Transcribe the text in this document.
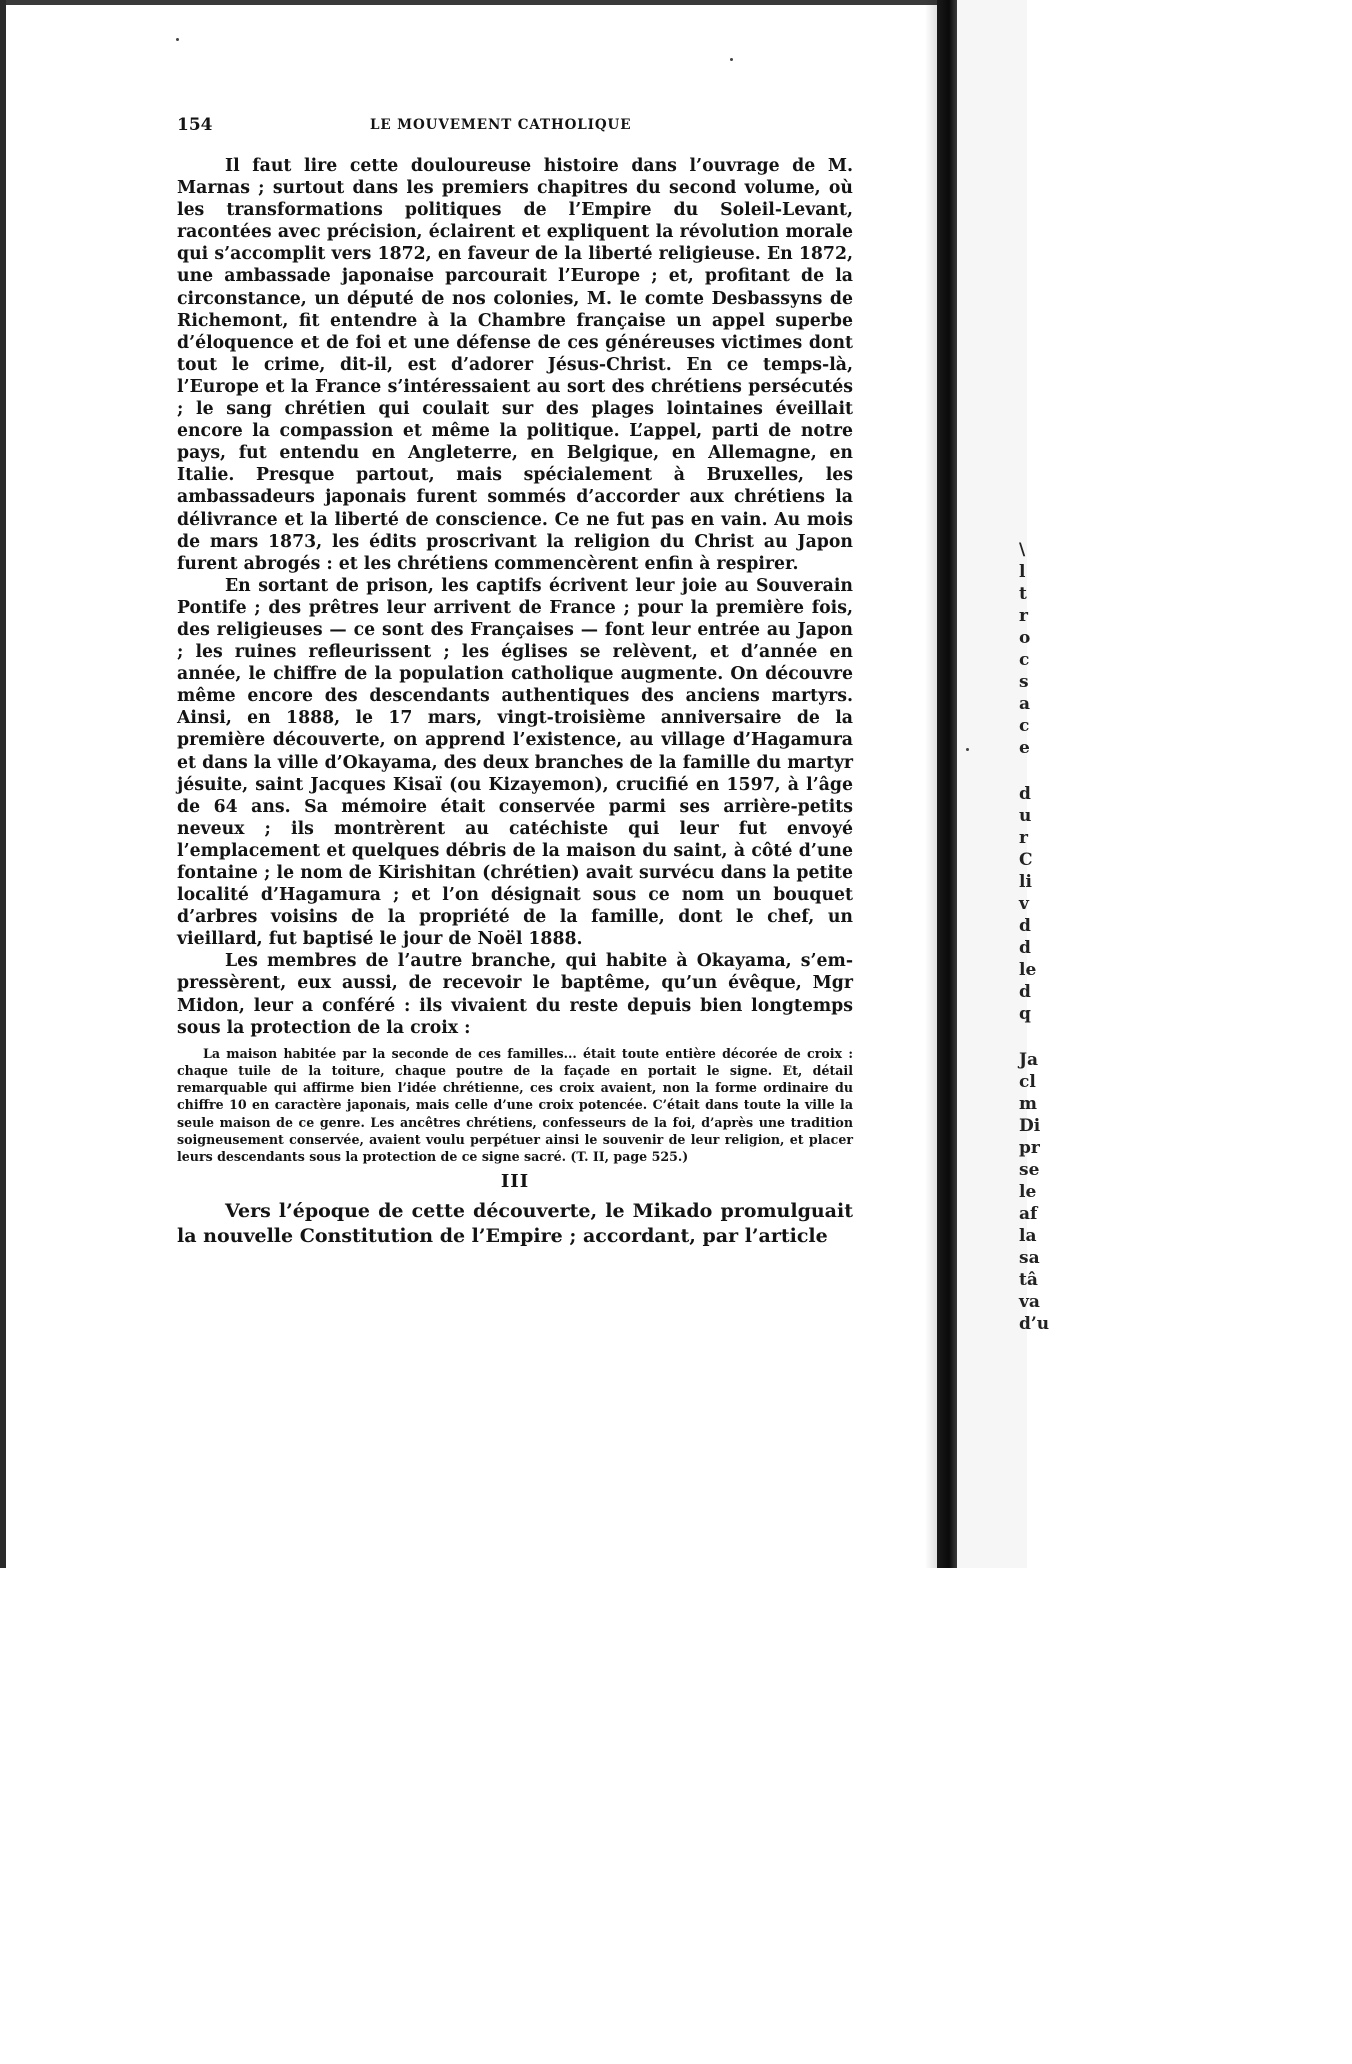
\
l
t
r
o
c
s
a
c
e
d
u
r
C
li
v
d
d
le
d
q
Ja
cl
m
Di
pr
se
le
af
la
sa
tâ
va
d’u
154	LE MOUVEMENT CATHOLIQUE

Il faut lire cette douloureuse histoire dans l’ouvrage de M. Marnas ; surtout dans les premiers chapitres du second volume, où les transformations politiques de l’Empire du Soleil-Levant, racontées avec précision, éclairent et expliquent la révolution morale qui s’accomplit vers 1872, en faveur de la liberté religieuse. En 1872, une ambassade japonaise parcourait l’Europe ; et, profitant de la circonstance, un député de nos colonies, M. le comte Desbassyns de Richemont, fit entendre à la Chambre française un appel superbe d’éloquence et de foi et une défense de ces généreuses victimes dont tout le crime, dit-il, est d’adorer Jésus-Christ. En ce temps-là, l’Europe et la France s’intéressaient au sort des chrétiens persécutés ; le sang chrétien qui coulait sur des plages lointaines éveillait encore la compassion et même la politique. L’appel, parti de notre pays, fut entendu en Angleterre, en Belgique, en Allemagne, en Italie. Presque partout, mais spécialement à Bruxelles, les ambassadeurs japonais furent sommés d’accorder aux chrétiens la délivrance et la liberté de conscience. Ce ne fut pas en vain. Au mois de mars 1873, les édits proscrivant la religion du Christ au Japon furent abrogés : et les chrétiens commencèrent enfin à respirer.

En sortant de prison, les captifs écrivent leur joie au Souverain Pontife ; des prêtres leur arrivent de France ; pour la première fois, des religieuses — ce sont des Françaises — font leur entrée au Japon ; les ruines refleurissent ; les églises se relèvent, et d’année en année, le chiffre de la population catholique augmente. On découvre même encore des descendants authentiques des anciens martyrs. Ainsi, en 1888, le 17 mars, vingt-troisième anniversaire de la première découverte, on apprend l’existence, au village d’Hagamura et dans la ville d’Okayama, des deux branches de la famille du martyr jésuite, saint Jacques Kisaï (ou Kizayemon), crucifié en 1597, à l’âge de 64 ans. Sa mémoire était conservée parmi ses arrière-petits neveux ; ils montrèrent au catéchiste qui leur fut envoyé l’emplacement et quelques débris de la maison du saint, à côté d’une fontaine ; le nom de Kirishitan (chrétien) avait survécu dans la petite localité d’Hagamura ; et l’on désignait sous ce nom un bouquet d’arbres voisins de la propriété de la famille, dont le chef, un vieillard, fut baptisé le jour de Noël 1888.

Les membres de l’autre branche, qui habite à Okayama, s’empressèrent, eux aussi, de recevoir le baptême, qu’un évêque, Mgr Midon, leur a conféré : ils vivaient du reste depuis bien longtemps sous la protection de la croix :

La maison habitée par la seconde de ces familles... était toute entière décorée de croix : chaque tuile de la toiture, chaque poutre de la façade en portait le signe. Et, détail remarquable qui affirme bien l’idée chrétienne, ces croix avaient, non la forme ordinaire du chiffre 10 en caractère japonais, mais celle d’une croix potencée. C’était dans toute la ville la seule maison de ce genre. Les ancêtres chrétiens, confesseurs de la foi, d’après une tradition soigneusement conservée, avaient voulu perpétuer ainsi le souvenir de leur religion, et placer leurs descendants sous la protection de ce signe sacré. (T. II, page 525.)

III

Vers l’époque de cette découverte, le Mikado promulguait la nouvelle Constitution de l’Empire ; accordant, par l’article
